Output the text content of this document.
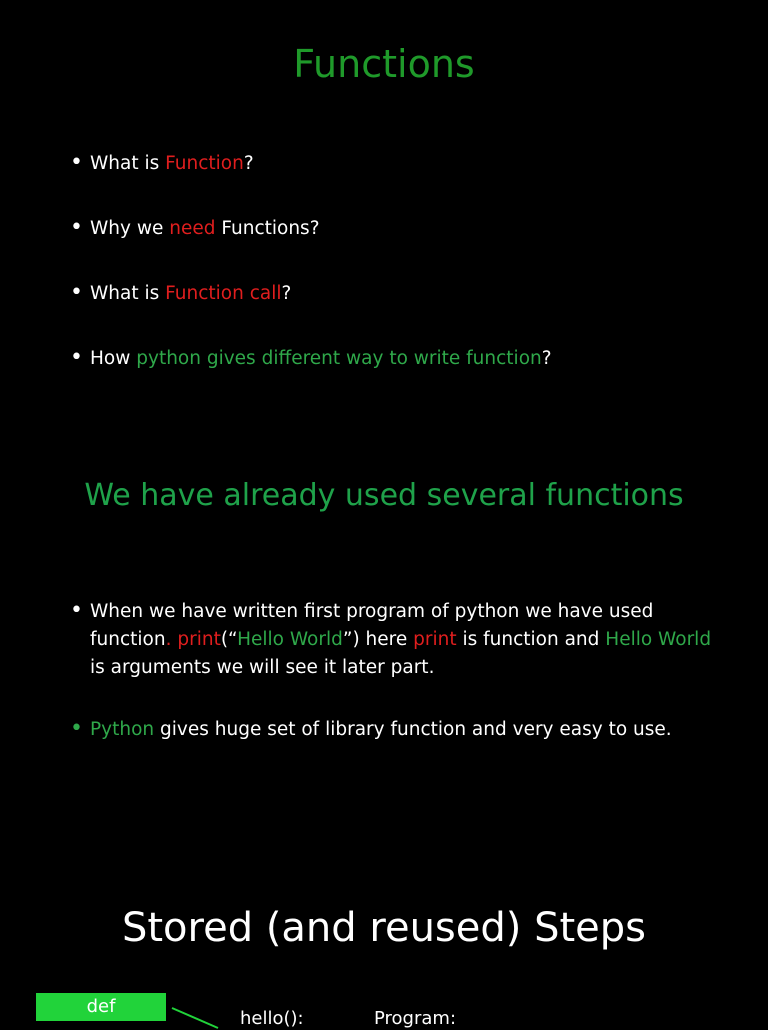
Functions
• What is Function?
• Why we need Functions?
• What is Function call?
• How python gives different way to write function?
We have already used several functions
• When we have written first program of python we have used function. print(“Hello World”) here print is function and Hello World is arguments we will see it later part.
• Python gives huge set of library function and very easy to use.
Stored (and reused) Steps
def
hello():	Program:
